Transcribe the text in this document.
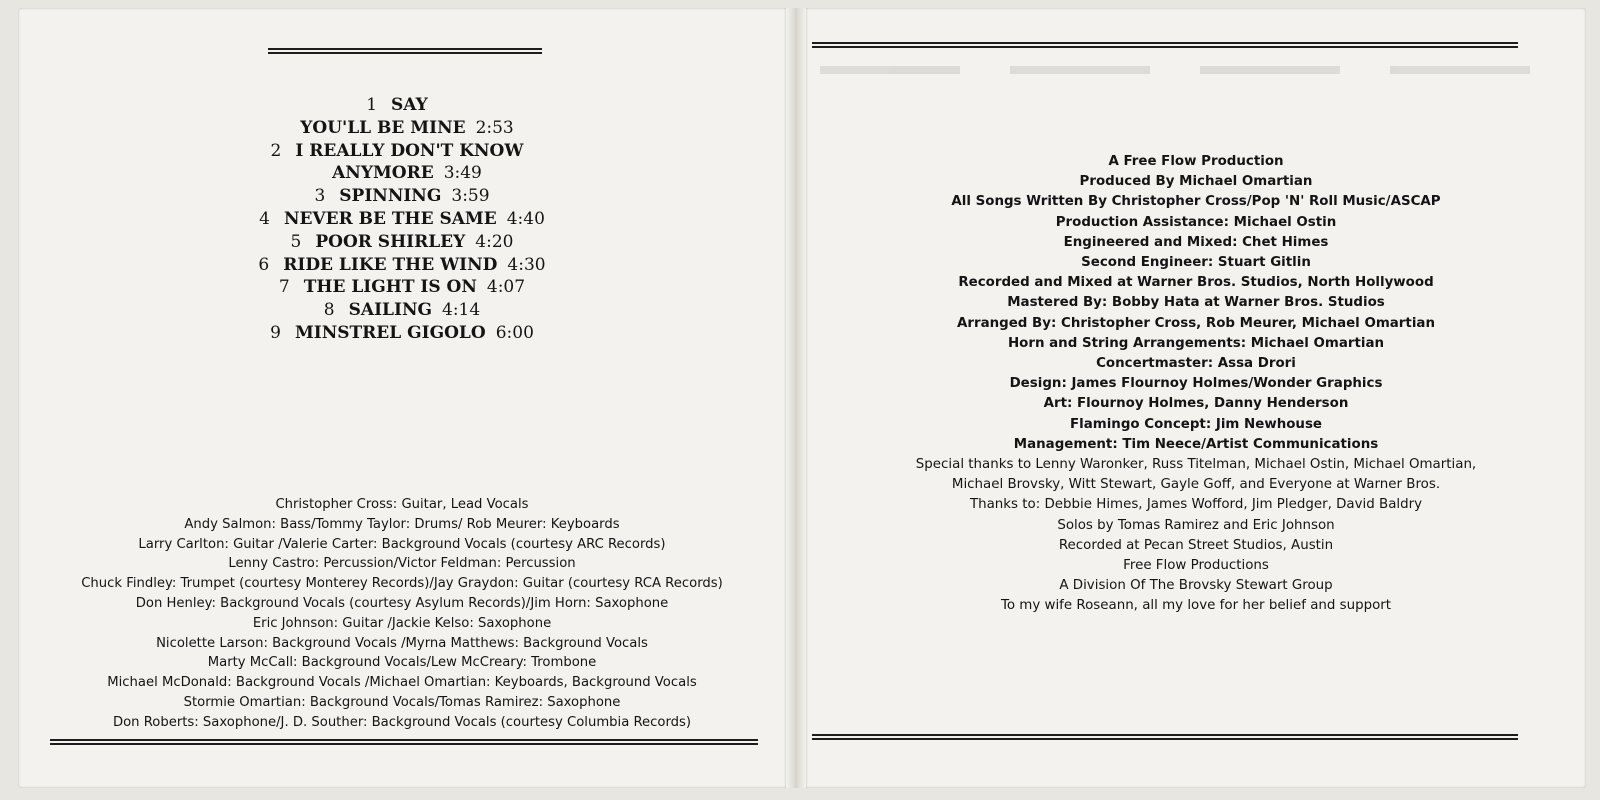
1 SAY
YOU'LL BE MINE 2:53
2 I REALLY DON'T KNOW
ANYMORE 3:49
3 SPINNING 3:59
4 NEVER BE THE SAME 4:40
5 POOR SHIRLEY 4:20
6 RIDE LIKE THE WIND 4:30
7 THE LIGHT IS ON 4:07
8 SAILING 4:14
9 MINSTREL GIGOLO 6:00
Christopher Cross: Guitar, Lead Vocals
Andy Salmon: Bass/Tommy Taylor: Drums/ Rob Meurer: Keyboards
Larry Carlton: Guitar /Valerie Carter: Background Vocals (courtesy ARC Records)
Lenny Castro: Percussion/Victor Feldman: Percussion
Chuck Findley: Trumpet (courtesy Monterey Records)/Jay Graydon: Guitar (courtesy RCA Records)
Don Henley: Background Vocals (courtesy Asylum Records)/Jim Horn: Saxophone
Eric Johnson: Guitar /Jackie Kelso: Saxophone
Nicolette Larson: Background Vocals /Myrna Matthews: Background Vocals
Marty McCall: Background Vocals/Lew McCreary: Trombone
Michael McDonald: Background Vocals /Michael Omartian: Keyboards, Background Vocals
Stormie Omartian: Background Vocals/Tomas Ramirez: Saxophone
Don Roberts: Saxophone/J. D. Souther: Background Vocals (courtesy Columbia Records)
A Free Flow Production
Produced By Michael Omartian
All Songs Written By Christopher Cross/Pop 'N' Roll Music/ASCAP
Production Assistance: Michael Ostin
Engineered and Mixed: Chet Himes
Second Engineer: Stuart Gitlin
Recorded and Mixed at Warner Bros. Studios, North Hollywood
Mastered By: Bobby Hata at Warner Bros. Studios
Arranged By: Christopher Cross, Rob Meurer, Michael Omartian
Horn and String Arrangements: Michael Omartian
Concertmaster: Assa Drori
Design: James Flournoy Holmes/Wonder Graphics
Art: Flournoy Holmes, Danny Henderson
Flamingo Concept: Jim Newhouse
Management: Tim Neece/Artist Communications
Special thanks to Lenny Waronker, Russ Titelman, Michael Ostin, Michael Omartian,
Michael Brovsky, Witt Stewart, Gayle Goff, and Everyone at Warner Bros.
Thanks to: Debbie Himes, James Wofford, Jim Pledger, David Baldry
Solos by Tomas Ramirez and Eric Johnson
Recorded at Pecan Street Studios, Austin
Free Flow Productions
A Division Of The Brovsky Stewart Group
To my wife Roseann, all my love for her belief and support
